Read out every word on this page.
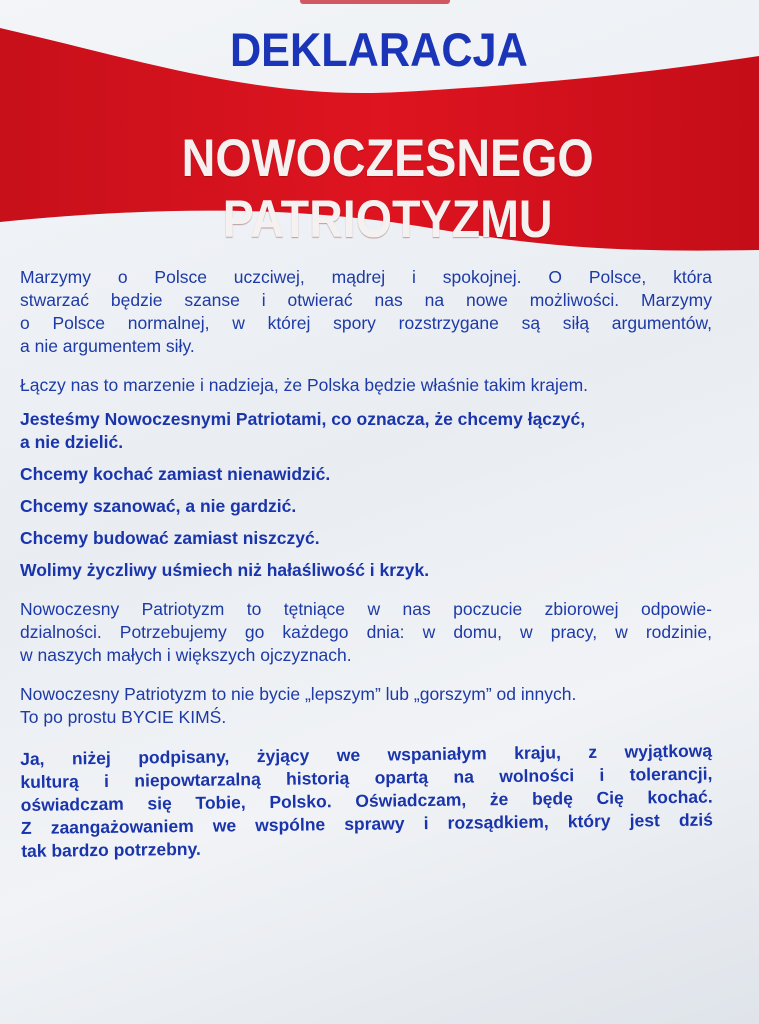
DEKLARACJA
NOWOCZESNEGO PATRIOTYZMU

Marzymy o Polsce uczciwej, mądrej i spokojnej. O Polsce, która
stwarzać będzie szanse i otwierać nas na nowe możliwości. Marzymy
o Polsce normalnej, w której spory rozstrzygane są siłą argumentów,
a nie argumentem siły.

Łączy nas to marzenie i nadzieja, że Polska będzie właśnie takim krajem.

Jesteśmy Nowoczesnymi Patriotami, co oznacza, że chcemy łączyć,
a nie dzielić.

Chcemy kochać zamiast nienawidzić.

Chcemy szanować, a nie gardzić.

Chcemy budować zamiast niszczyć.

Wolimy życzliwy uśmiech niż hałaśliwość i krzyk.

Nowoczesny Patriotyzm to tętniące w nas poczucie zbiorowej odpowie-
dzialności. Potrzebujemy go każdego dnia: w domu, w pracy, w rodzinie,
w naszych małych i większych ojczyznach.

Nowoczesny Patriotyzm to nie bycie „lepszym” lub „gorszym” od innych.
To po prostu BYCIE KIMŚ.

Ja, niżej podpisany, żyjący we wspaniałym kraju, z wyjątkową
kulturą i niepowtarzalną historią opartą na wolności i tolerancji,
oświadczam się Tobie, Polsko. Oświadczam, że będę Cię kochać.
Z zaangażowaniem we wspólne sprawy i rozsądkiem, który jest dziś
tak bardzo potrzebny.
